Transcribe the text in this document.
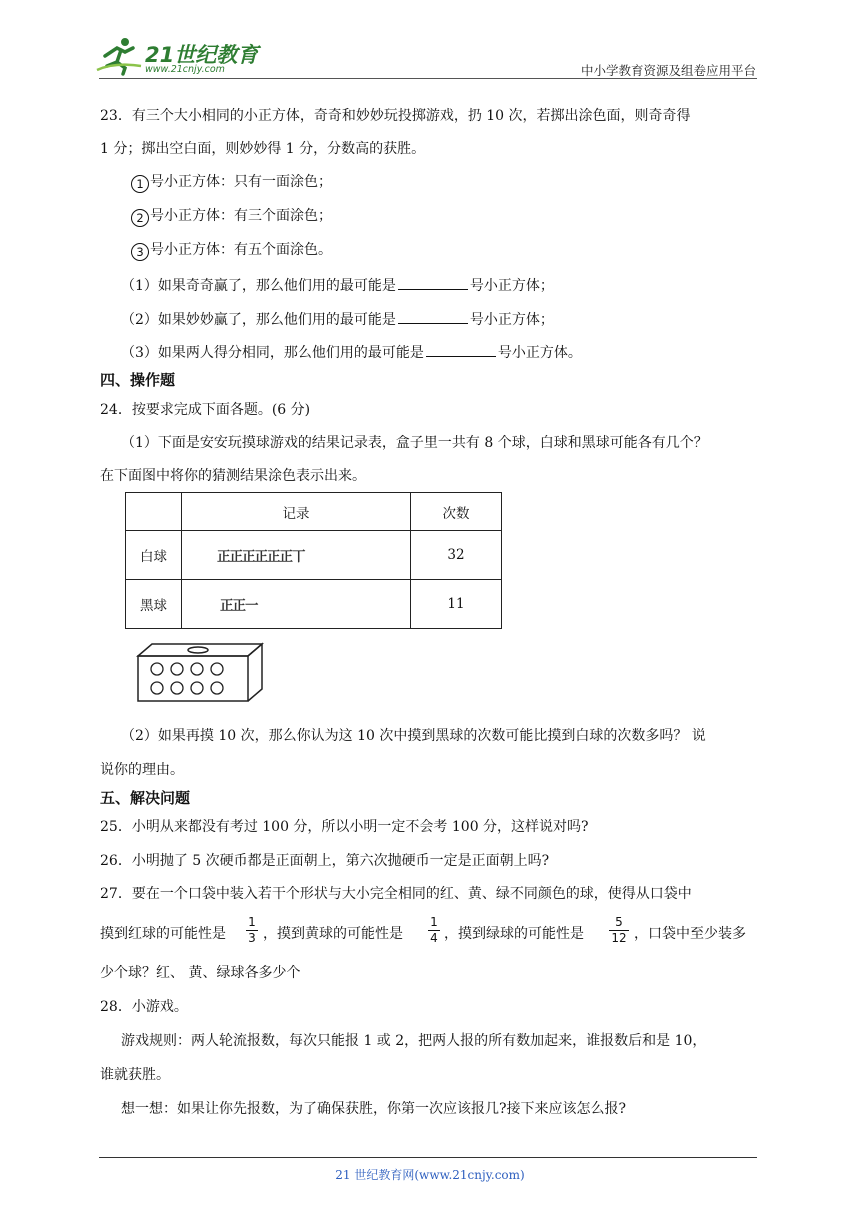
21世纪教育
www.21cnjy.com	中小学教育资源及组卷应用平台
23．有三个大小相同的小正方体，奇奇和妙妙玩投掷游戏，扔 10 次，若掷出涂色面，则奇奇得
1 分；掷出空白面，则妙妙得 1 分，分数高的获胜。
1 号小正方体：只有一面涂色；
2 号小正方体：有三个面涂色；
3 号小正方体：有五个面涂色。
（1）如果奇奇赢了，那么他们用的最可能是	号小正方体；
（2）如果妙妙赢了，那么他们用的最可能是	号小正方体；
（3）如果两人得分相同，那么他们用的最可能是	号小正方体。
四、操作题
24．按要求完成下面各题。(6 分)
（1）下面是安安玩摸球游戏的结果记录表，盒子里一共有 8 个球，白球和黑球可能各有几个？
在下面图中将你的猜测结果涂色表示出来。
	记录	次数
白球	正正正正正正丅	32
黑球	正正一	11
（2）如果再摸 10 次，那么你认为这 10 次中摸到黑球的次数可能比摸到白球的次数多吗？ 说
说你的理由。
五、解决问题
25．小明从来都没有考过 100 分，所以小明一定不会考 100 分，这样说对吗?
26．小明抛了 5 次硬币都是正面朝上，第六次抛硬币一定是正面朝上吗?
27．要在一个口袋中装入若干个形状与大小完全相同的红、黄、绿不同颜色的球，使得从口袋中
摸到红球的可能性是
1
3 ，摸到黄球的可能性是
1
4 ，摸到绿球的可能性是
5
12 ，口袋中至少装多
少个球？红、 黄、绿球各多少个
28．小游戏。
游戏规则：两人轮流报数，每次只能报 1 或 2，把两人报的所有数加起来，谁报数后和是 10，
谁就获胜。
想一想：如果让你先报数，为了确保获胜，你第一次应该报几?接下来应该怎么报?
21 世纪教育网(www.21cnjy.com)
